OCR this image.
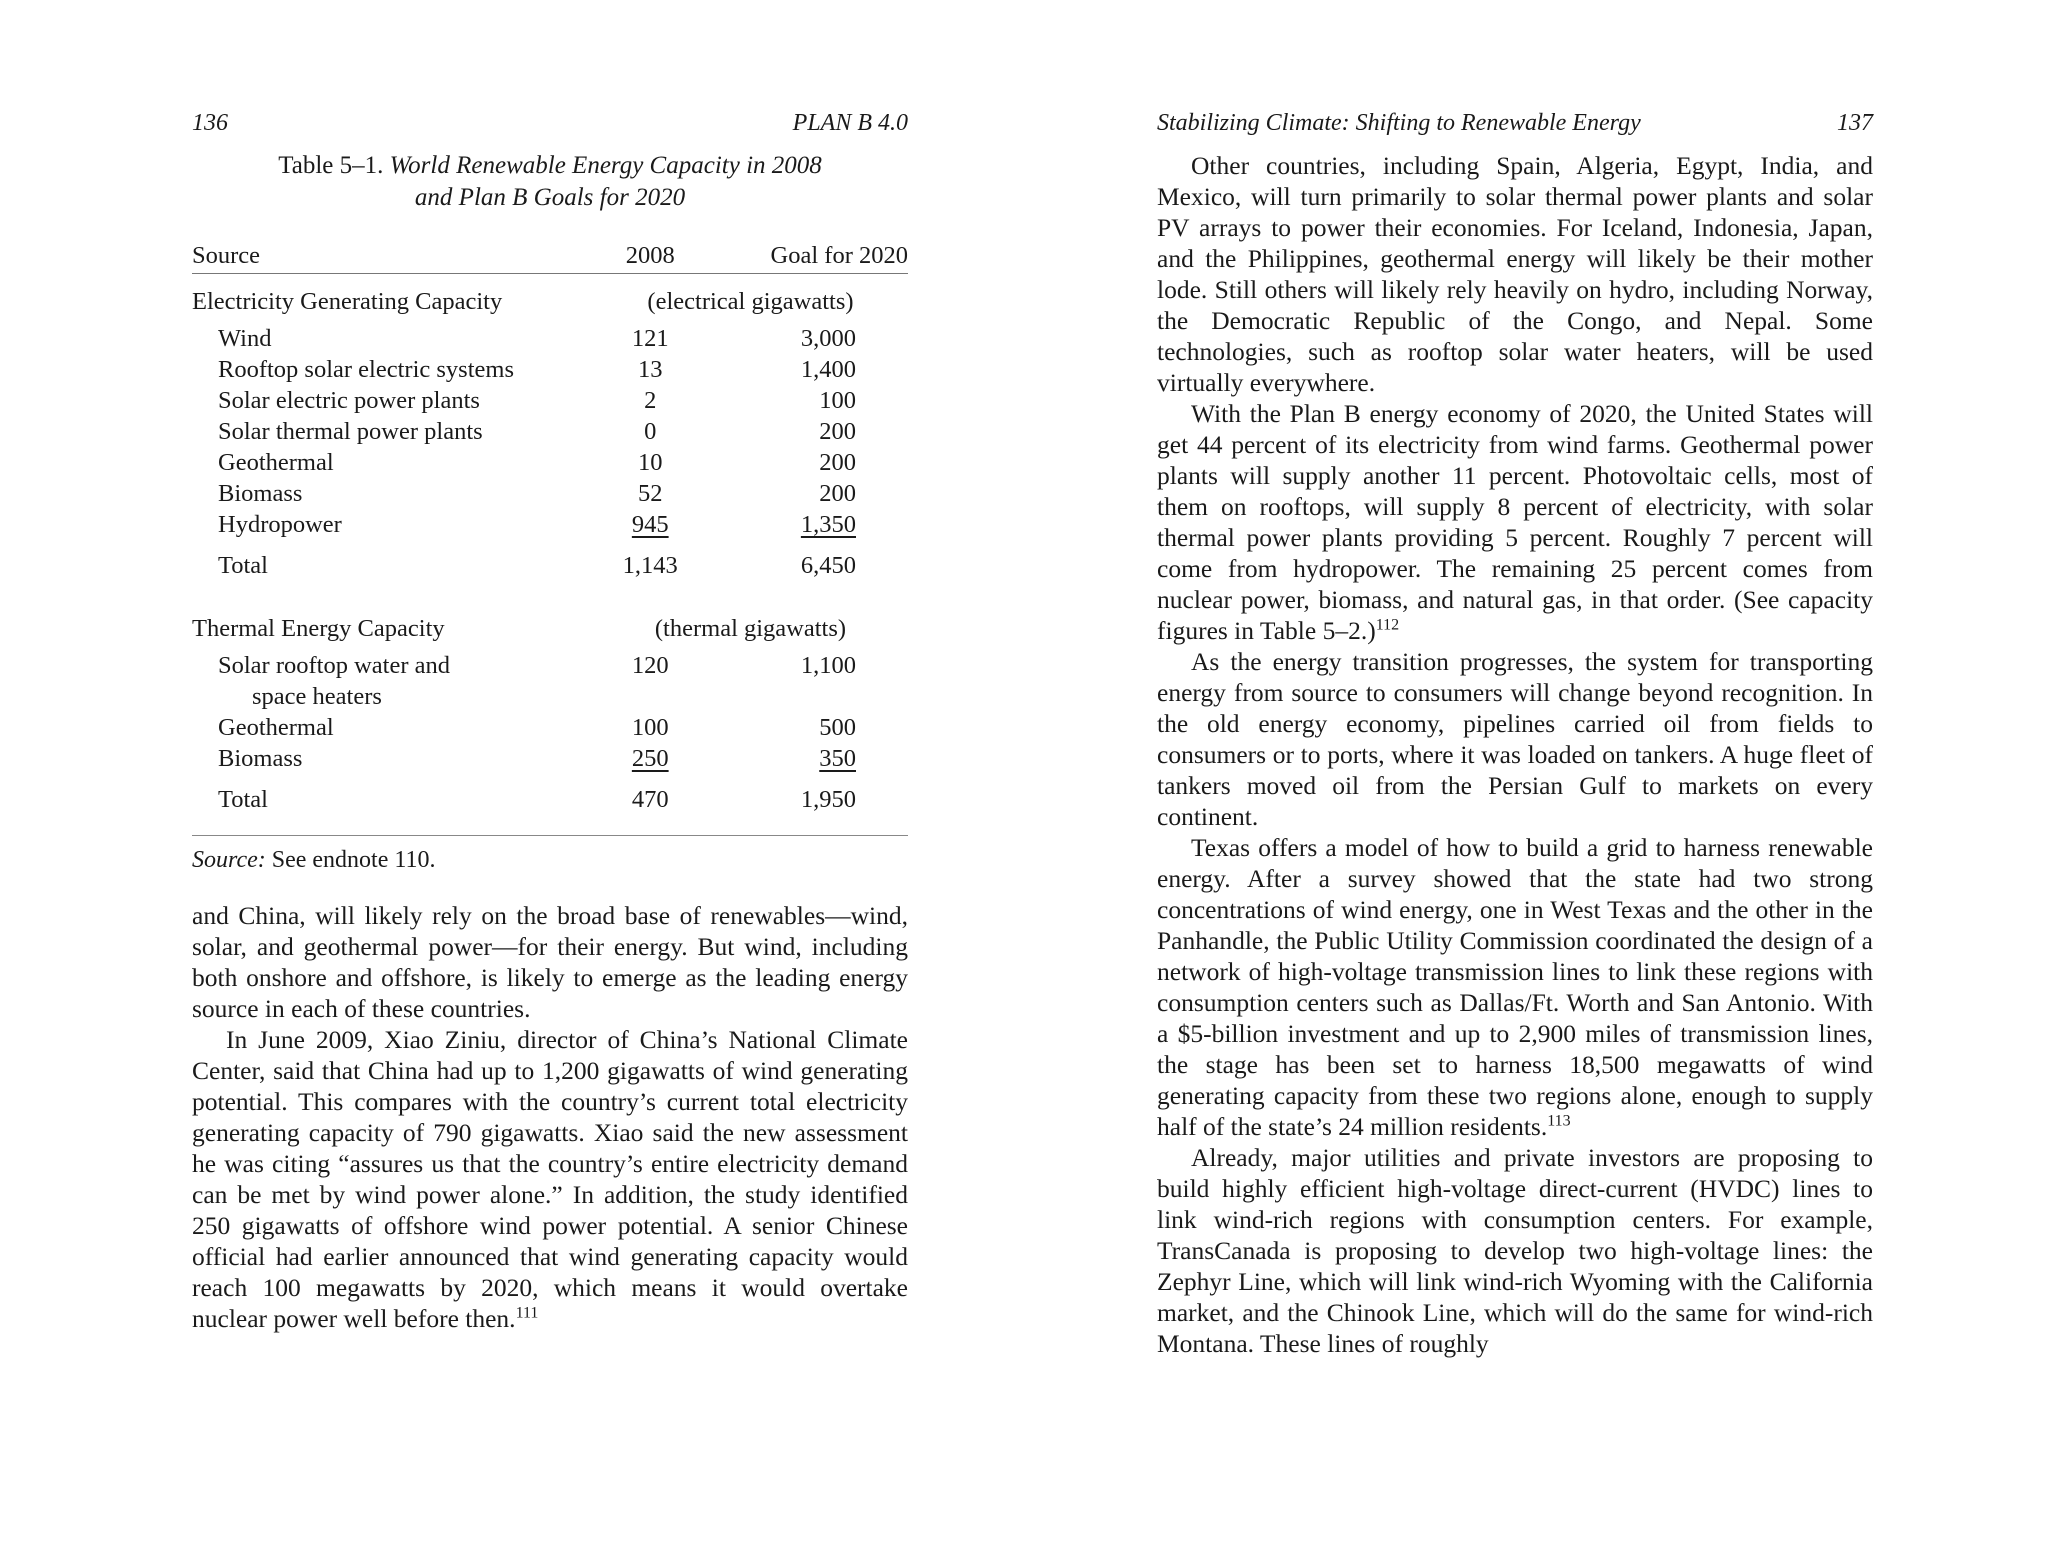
136	PLAN B 4.0
Table 5–1. World Renewable Energy Capacity in 2008
and Plan B Goals for 2020
Source	2008	Goal for 2020
Electricity Generating Capacity	(electrical gigawatts)	
Wind	121	3,000
Rooftop solar electric systems	13	1,400
Solar electric power plants	2	100
Solar thermal power plants	0	200
Geothermal	10	200
Biomass	52	200
Hydropower	945	1,350
Total	1,143	6,450

Thermal Energy Capacity	(thermal gigawatts)	
Solar rooftop water and
space heaters	120	1,100
Geothermal	100	500
Biomass	250	350
Total	470	1,950
Source: See endnote 110.

and China, will likely rely on the broad base of renewables—wind, solar, and geothermal power—for their energy. But wind, including both onshore and offshore, is likely to emerge as the leading energy source in each of these countries.

In June 2009, Xiao Ziniu, director of China’s National Climate Center, said that China had up to 1,200 gigawatts of wind generating potential. This compares with the country’s current total electricity generating capacity of 790 gigawatts. Xiao said the new assessment he was citing “assures us that the country’s entire electricity demand can be met by wind power alone.” In addition, the study identified 250 gigawatts of offshore wind power potential. A senior Chinese official had earlier announced that wind generating capacity would reach 100 megawatts by 2020, which means it would overtake nuclear power well before then.$^{111}$

Stabilizing Climate: Shifting to Renewable Energy	137

Other countries, including Spain, Algeria, Egypt, India, and Mexico, will turn primarily to solar thermal power plants and solar PV arrays to power their economies. For Iceland, Indonesia, Japan, and the Philippines, geothermal energy will likely be their mother lode. Still others will likely rely heavily on hydro, including Norway, the Democratic Republic of the Congo, and Nepal. Some technologies, such as rooftop solar water heaters, will be used virtually everywhere.

With the Plan B energy economy of 2020, the United States will get 44 percent of its electricity from wind farms. Geothermal power plants will supply another 11 percent. Photovoltaic cells, most of them on rooftops, will supply 8 percent of electricity, with solar thermal power plants providing 5 percent. Roughly 7 percent will come from hydropower. The remaining 25 percent comes from nuclear power, biomass, and natural gas, in that order. (See capacity figures in Table 5–2.)$^{112}$

As the energy transition progresses, the system for transporting energy from source to consumers will change beyond recognition. In the old energy economy, pipelines carried oil from fields to consumers or to ports, where it was loaded on tankers. A huge fleet of tankers moved oil from the Persian Gulf to markets on every continent.

Texas offers a model of how to build a grid to harness renewable energy. After a survey showed that the state had two strong concentrations of wind energy, one in West Texas and the other in the Panhandle, the Public Utility Commission coordinated the design of a network of high-voltage transmission lines to link these regions with consumption centers such as Dallas/Ft. Worth and San Antonio. With a $5-billion investment and up to 2,900 miles of transmission lines, the stage has been set to harness 18,500 megawatts of wind generating capacity from these two regions alone, enough to supply half of the state’s 24 million residents.$^{113}$

Already, major utilities and private investors are proposing to build highly efficient high-voltage direct-current (HVDC) lines to link wind-rich regions with consumption centers. For example, TransCanada is proposing to develop two high-voltage lines: the Zephyr Line, which will link wind-rich Wyoming with the California market, and the Chinook Line, which will do the same for wind-rich Montana. These lines of roughly
